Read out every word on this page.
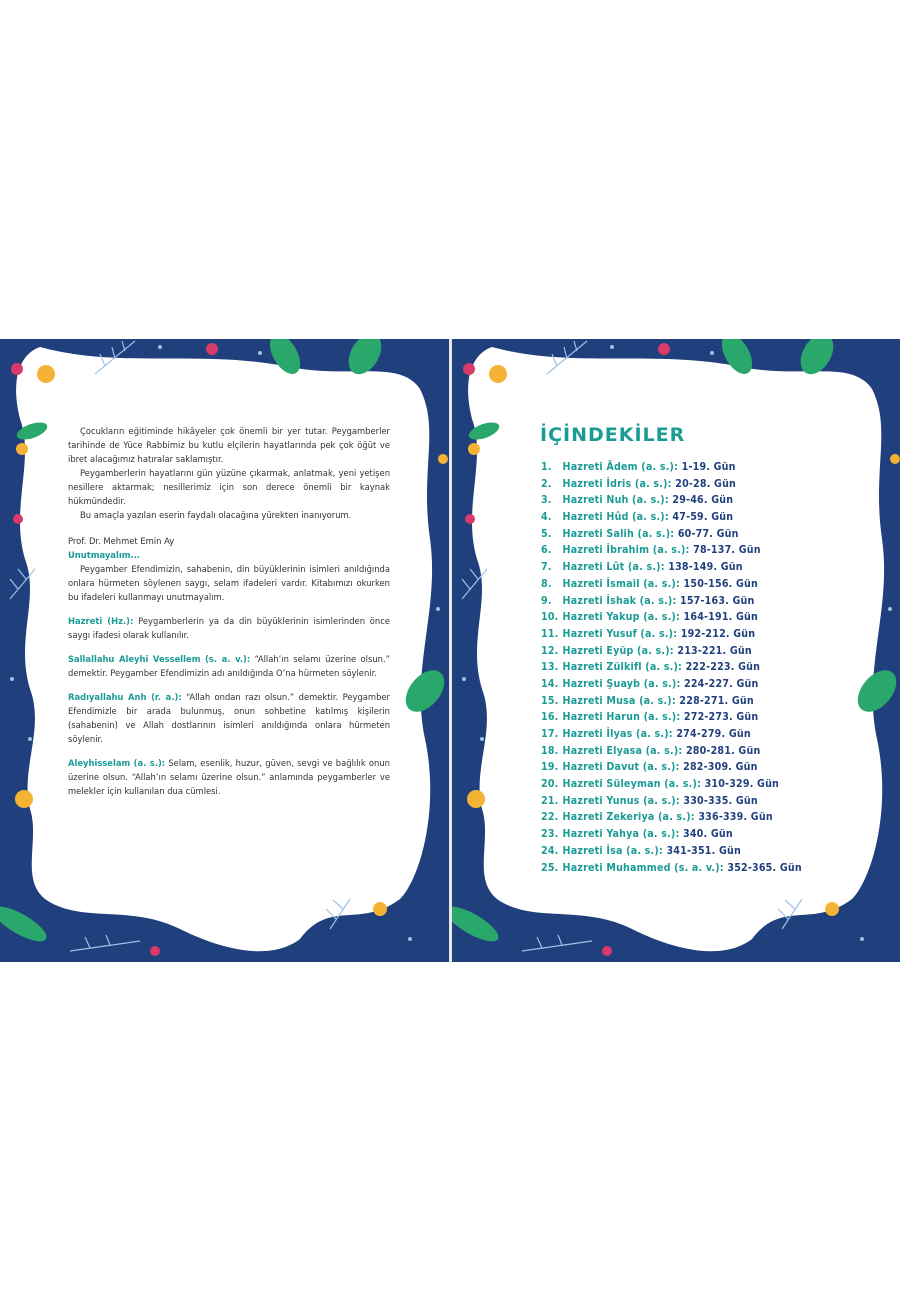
Çocukların eğitiminde hikâyeler çok önemli bir yer tutar. Peygamberler tarihinde de Yüce Rabbimiz bu kutlu elçilerin hayatlarında pek çok öğüt ve ibret alacağımız hatıralar saklamıştır.

Peygamberlerin hayatlarını gün yüzüne çıkarmak, anlatmak, yeni yetişen nesillere aktarmak; nesillerimiz için son derece önemli bir kaynak hükmündedir.

Bu amaçla yazılan eserin faydalı olacağına yürekten inanıyorum.

Prof. Dr. Mehmet Emin Ay

Unutmayalım...

Peygamber Efendimizin, sahabenin, din büyüklerinin isimleri anıldığında onlara hürmeten söylenen saygı, selam ifadeleri vardır. Kitabımızı okurken bu ifadeleri kullanmayı unutmayalım.

Hazreti (Hz.): Peygamberlerin ya da din büyüklerinin isimlerinden önce saygı ifadesi olarak kullanılır.

Sallallahu Aleyhi Vessellem (s. a. v.): “Allah’ın selamı üzerine olsun.” demektir. Peygamber Efendimizin adı anıldığında O’na hürmeten söylenir.

Radıyallahu Anh (r. a.): “Allah ondan razı olsun.” demektir. Peygamber Efendimizle bir arada bulunmuş, onun sohbetine katılmış kişilerin (sahabenin) ve Allah dostlarının isimleri anıldığında onlara hürmeten söylenir.

Aleyhisselam (a. s.): Selam, esenlik, huzur, güven, sevgi ve bağlılık onun üzerine olsun. “Allah’ın selamı üzerine olsun.” anlamında peygamberler ve melekler için kullanılan dua cümlesi.

İÇİNDEKİLER
1. Hazreti Âdem (a. s.): 1-19. Gün
2. Hazreti İdris (a. s.): 20-28. Gün
3. Hazreti Nuh (a. s.): 29-46. Gün
4. Hazreti Hûd (a. s.): 47-59. Gün
5. Hazreti Salih (a. s.): 60-77. Gün
6. Hazreti İbrahim (a. s.): 78-137. Gün
7. Hazreti Lût (a. s.): 138-149. Gün
8. Hazreti İsmail (a. s.): 150-156. Gün
9. Hazreti İshak (a. s.): 157-163. Gün
10. Hazreti Yakup (a. s.): 164-191. Gün
11. Hazreti Yusuf (a. s.): 192-212. Gün
12. Hazreti Eyüp (a. s.): 213-221. Gün
13. Hazreti Zülkifl (a. s.): 222-223. Gün
14. Hazreti Şuayb (a. s.): 224-227. Gün
15. Hazreti Musa (a. s.): 228-271. Gün
16. Hazreti Harun (a. s.): 272-273. Gün
17. Hazreti İlyas (a. s.): 274-279. Gün
18. Hazreti Elyasa (a. s.): 280-281. Gün
19. Hazreti Davut (a. s.): 282-309. Gün
20. Hazreti Süleyman (a. s.): 310-329. Gün
21. Hazreti Yunus (a. s.): 330-335. Gün
22. Hazreti Zekeriya (a. s.): 336-339. Gün
23. Hazreti Yahya (a. s.): 340. Gün
24. Hazreti İsa (a. s.): 341-351. Gün
25. Hazreti Muhammed (s. a. v.): 352-365. Gün
